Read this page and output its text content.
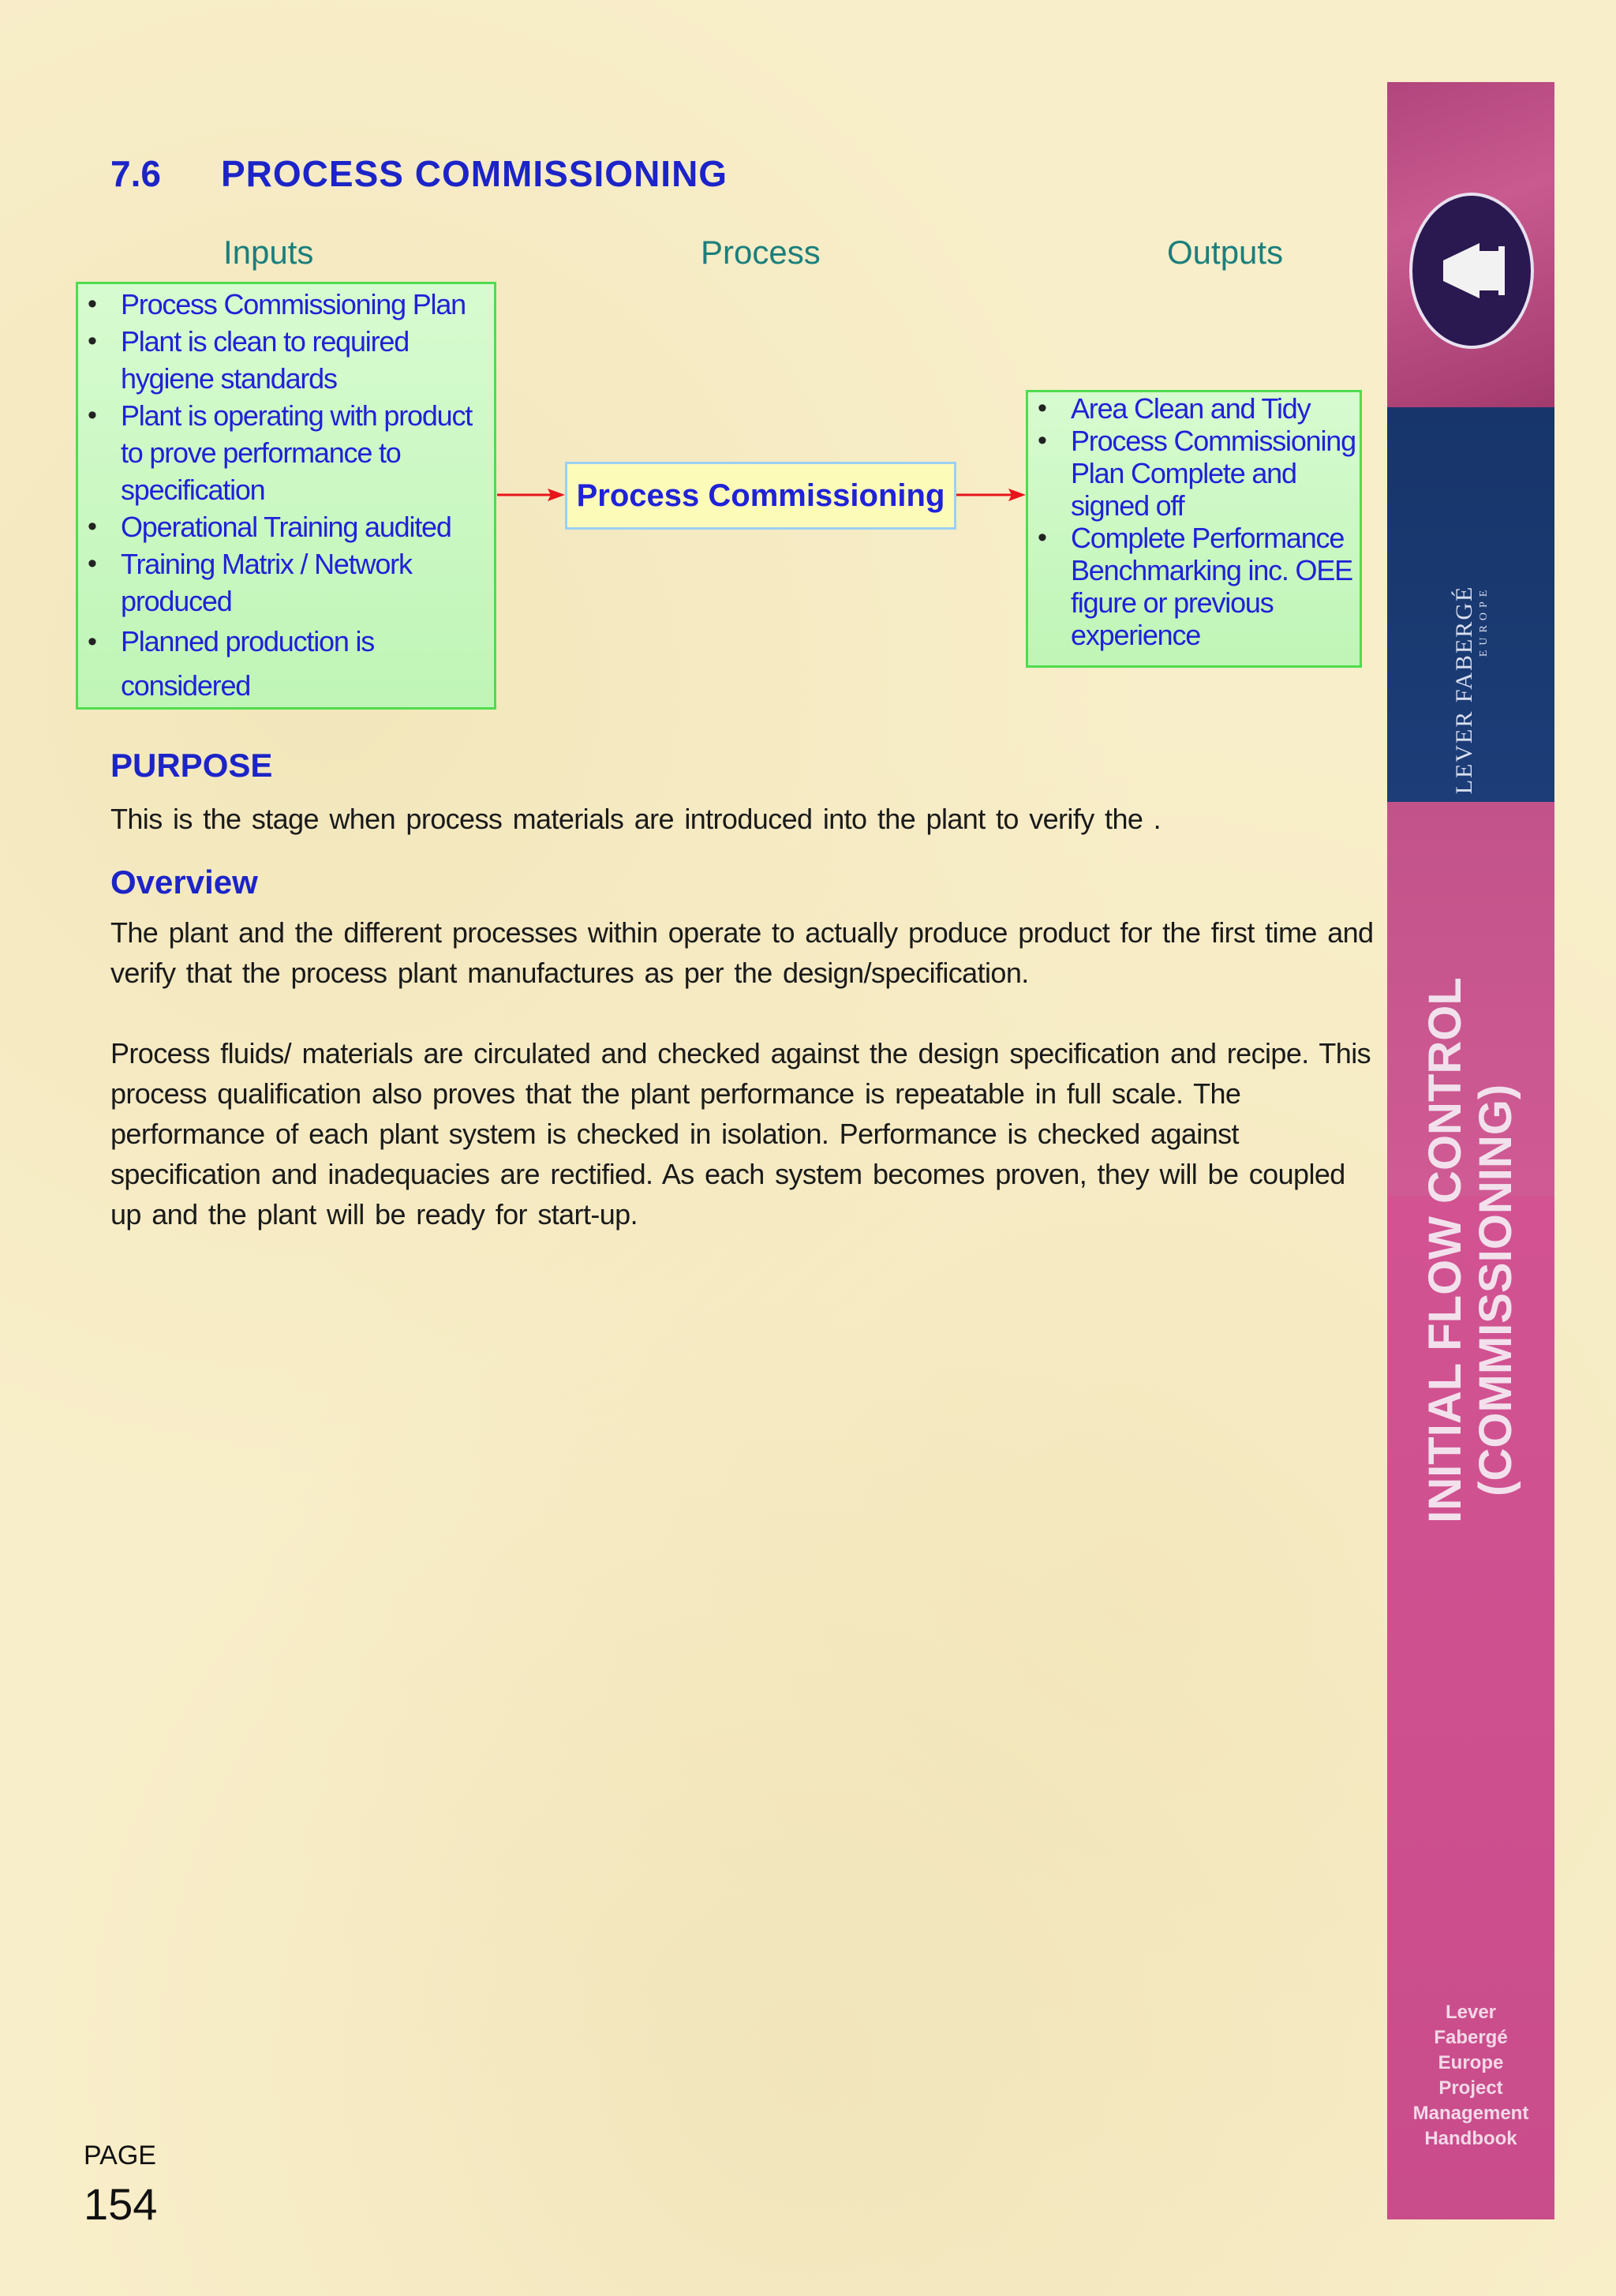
7.6 PROCESS COMMISSIONING
Inputs	Process	Outputs
• Process Commissioning Plan
• Plant is clean to required hygiene standards
• Plant is operating with product to prove performance to specification
• Operational Training audited
• Training Matrix / Network produced
• Planned production is considered
Process Commissioning
• Area Clean and Tidy
• Process Commissioning Plan Complete and signed off
• Complete Performance Benchmarking inc. OEE figure or previous experience
PURPOSE
This is the stage when process materials are introduced into the plant to verify the .
Overview

The plant and the different processes within operate to actually produce product for the first time and verify that the process plant manufactures as per the design/specification.

Process fluids/ materials are circulated and checked against the design specification and recipe. This process qualification also proves that the plant performance is repeatable in full scale. The performance of each plant system is checked in isolation. Performance is checked against specification and inadequacies are rectified. As each system becomes proven, they will be coupled up and the plant will be ready for start-up.

PAGE
154
LEVER FABERGÉ EUROPE
INITIAL FLOW CONTROL (COMMISSIONING)
Lever
Fabergé
Europe
Project
Management
Handbook
